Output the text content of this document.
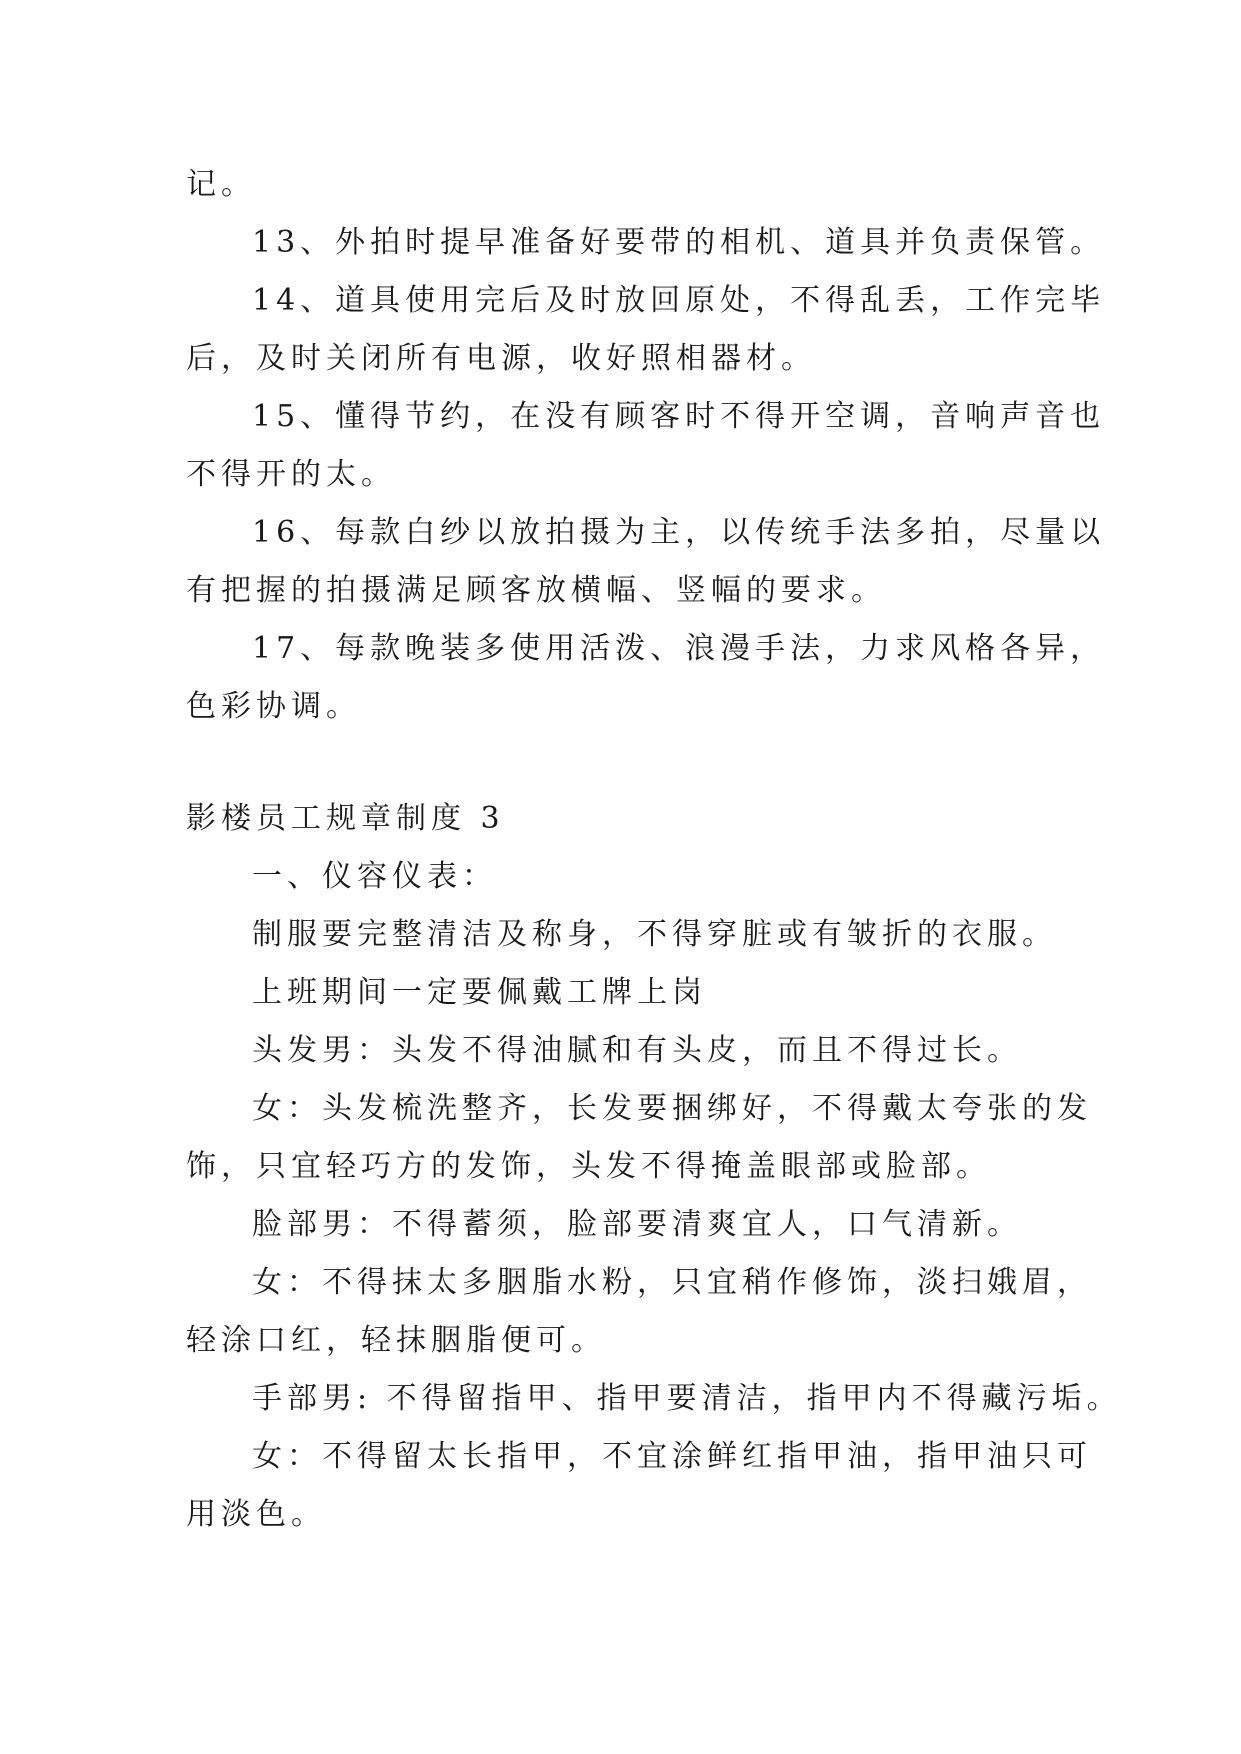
记。

13、外拍时提早准备好要带的相机、道具并负责保管。

14、道具使用完后及时放回原处，不得乱丢，工作完毕

后，及时关闭所有电源，收好照相器材。

15、懂得节约，在没有顾客时不得开空调，音响声音也

不得开的太。

16、每款白纱以放拍摄为主，以传统手法多拍，尽量以

有把握的拍摄满足顾客放横幅、竖幅的要求。

17、每款晚装多使用活泼、浪漫手法，力求风格各异，

色彩协调。

影楼员工规章制度 3

一、仪容仪表：

制服要完整清洁及称身，不得穿脏或有皱折的衣服。

上班期间一定要佩戴工牌上岗

头发男：头发不得油腻和有头皮，而且不得过长。

女：头发梳洗整齐，长发要捆绑好，不得戴太夸张的发

饰，只宜轻巧方的发饰，头发不得掩盖眼部或脸部。

脸部男：不得蓄须，脸部要清爽宜人，口气清新。

女：不得抹太多胭脂水粉，只宜稍作修饰，淡扫娥眉，

轻涂口红，轻抹胭脂便可。

手部男: 不得留指甲、指甲要清洁，指甲内不得藏污垢。

女：不得留太长指甲，不宜涂鲜红指甲油，指甲油只可

用淡色。
